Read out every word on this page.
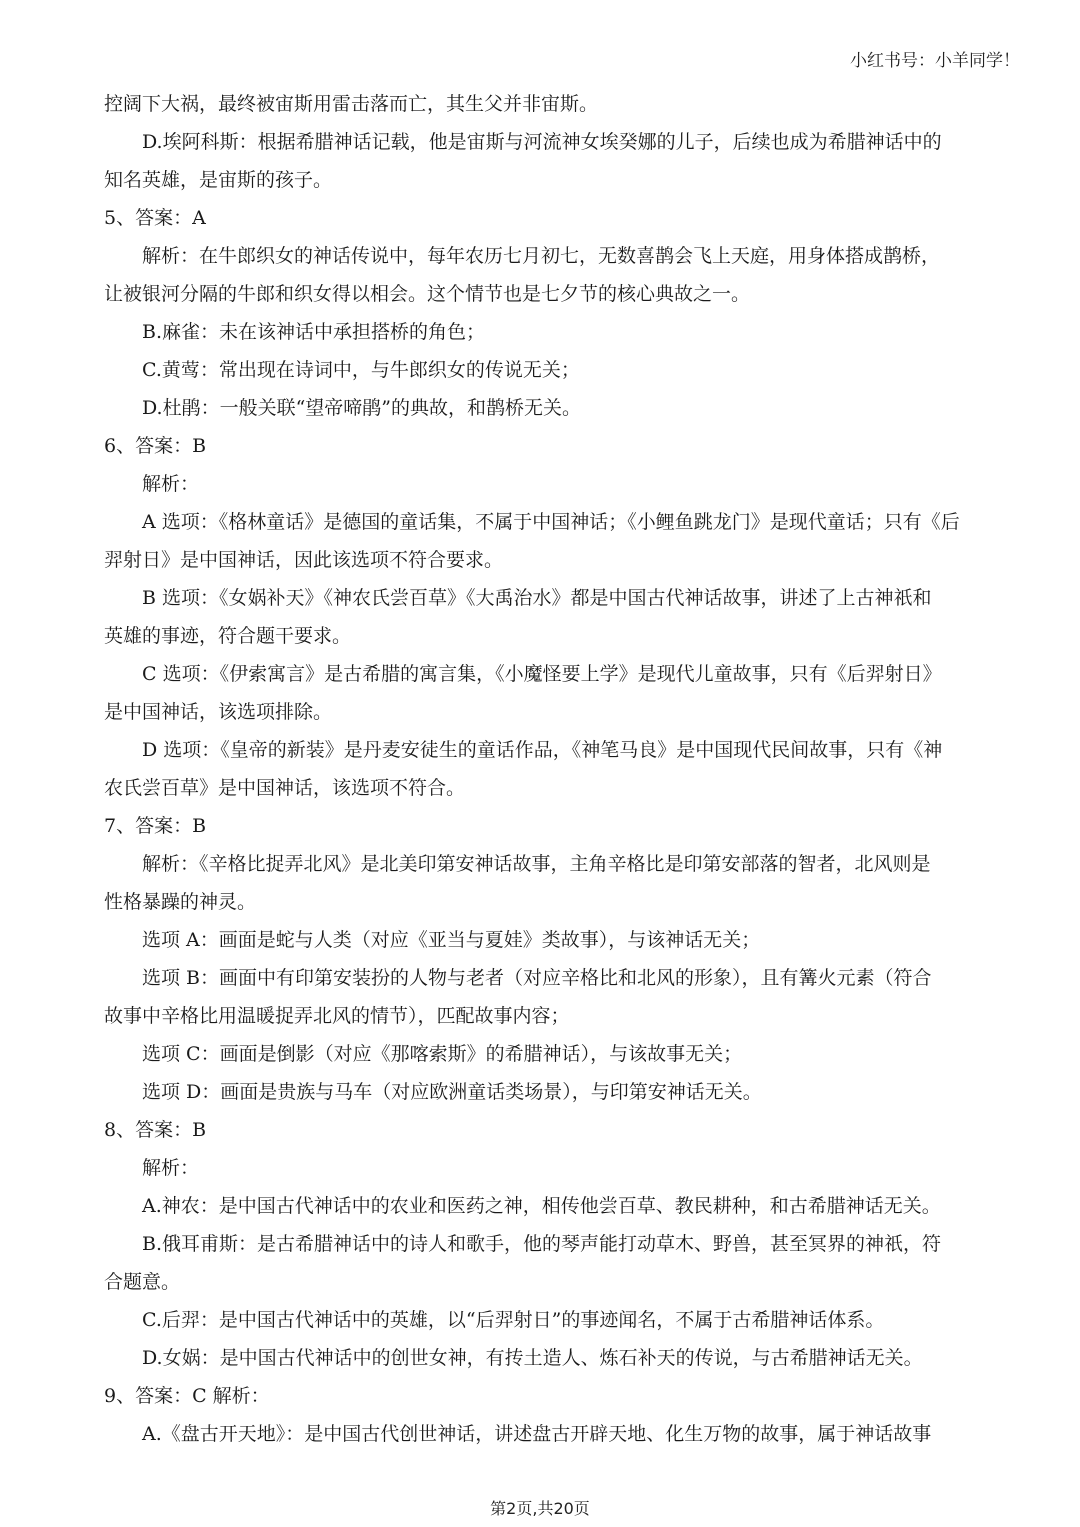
小红书号：小羊同学！
控阔下大祸，最终被宙斯用雷击落而亡，其生父并非宙斯。
D.埃阿科斯：根据希腊神话记载，他是宙斯与河流神女埃癸娜的儿子，后续也成为希腊神话中的
知名英雄，是宙斯的孩子。
5、答案：A
解析：在牛郎织女的神话传说中，每年农历七月初七，无数喜鹊会飞上天庭，用身体搭成鹊桥，
让被银河分隔的牛郎和织女得以相会。这个情节也是七夕节的核心典故之一。
B.麻雀：未在该神话中承担搭桥的角色；
C.黄莺：常出现在诗词中，与牛郎织女的传说无关；
D.杜鹃：一般关联“望帝啼鹃”的典故，和鹊桥无关。
6、答案：B
解析：
A 选项：《格林童话》是德国的童话集，不属于中国神话；《小鲤鱼跳龙门》是现代童话；只有《后
羿射日》是中国神话，因此该选项不符合要求。
B 选项：《女娲补天》《神农氏尝百草》《大禹治水》都是中国古代神话故事，讲述了上古神祇和
英雄的事迹，符合题干要求。
C 选项：《伊索寓言》是古希腊的寓言集，《小魔怪要上学》是现代儿童故事，只有《后羿射日》
是中国神话，该选项排除。
D 选项：《皇帝的新装》是丹麦安徒生的童话作品，《神笔马良》是中国现代民间故事，只有《神
农氏尝百草》是中国神话，该选项不符合。
7、答案：B
解析：《辛格比捉弄北风》是北美印第安神话故事，主角辛格比是印第安部落的智者，北风则是
性格暴躁的神灵。
选项 A：画面是蛇与人类（对应《亚当与夏娃》类故事），与该神话无关；
选项 B：画面中有印第安装扮的人物与老者（对应辛格比和北风的形象），且有篝火元素（符合
故事中辛格比用温暖捉弄北风的情节），匹配故事内容；
选项 C：画面是倒影（对应《那喀索斯》的希腊神话），与该故事无关；
选项 D：画面是贵族与马车（对应欧洲童话类场景），与印第安神话无关。
8、答案：B
解析：
A.神农：是中国古代神话中的农业和医药之神，相传他尝百草、教民耕种，和古希腊神话无关。
B.俄耳甫斯：是古希腊神话中的诗人和歌手，他的琴声能打动草木、野兽，甚至冥界的神祇，符
合题意。
C.后羿：是中国古代神话中的英雄，以“后羿射日”的事迹闻名，不属于古希腊神话体系。
D.女娲：是中国古代神话中的创世女神，有抟土造人、炼石补天的传说，与古希腊神话无关。
9、答案：C 解析：
A.《盘古开天地》：是中国古代创世神话，讲述盘古开辟天地、化生万物的故事，属于神话故事
第2页,共20页
